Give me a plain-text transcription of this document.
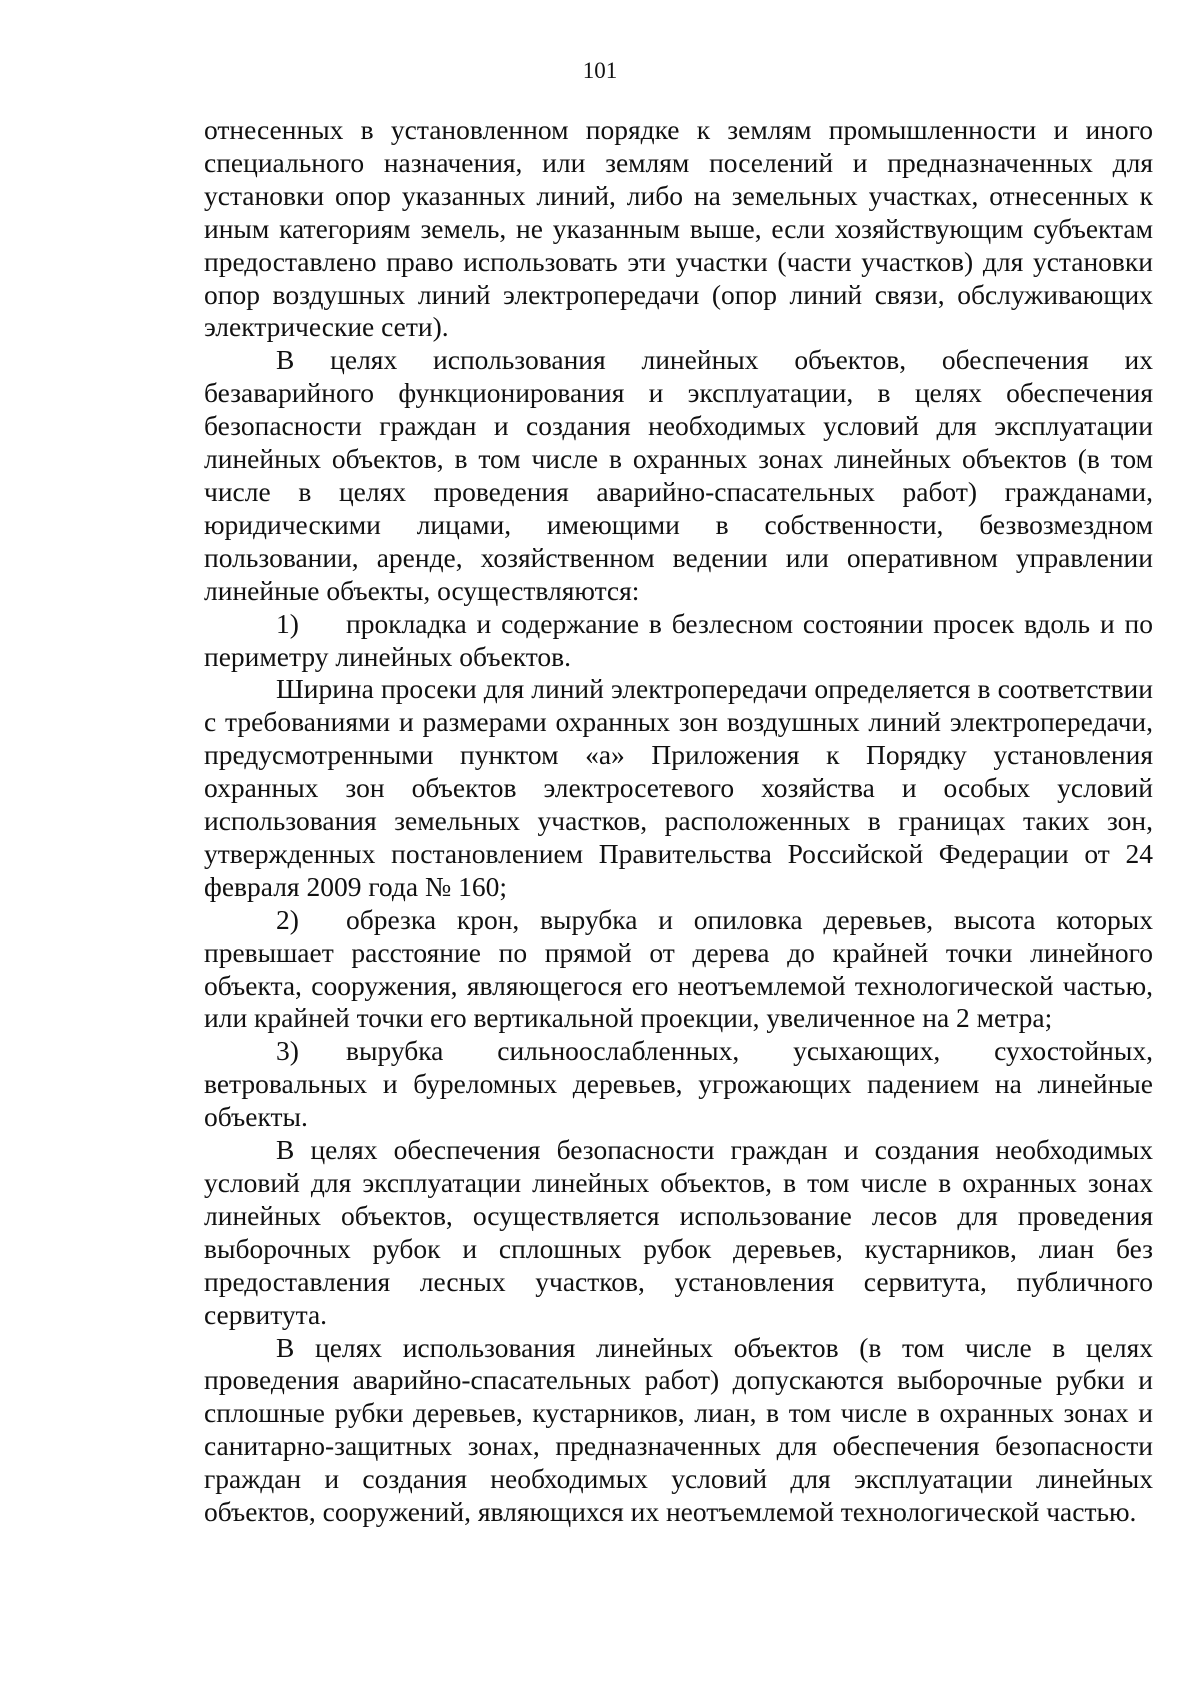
101

отнесенных в установленном порядке к землям промышленности и иного специального назначения, или землям поселений и предназначенных для установки опор указанных линий, либо на земельных участках, отнесенных к иным категориям земель, не указанным выше, если хозяйствующим субъектам предоставлено право использовать эти участки (части участков) для установки опор воздушных линий электропередачи (опор линий связи, обслуживающих электрические сети).

В целях использования линейных объектов, обеспечения их безаварийного функционирования и эксплуатации, в целях обеспечения безопасности граждан и создания необходимых условий для эксплуатации линейных объектов, в том числе в охранных зонах линейных объектов (в том числе в целях проведения аварийно-спасательных работ) гражданами, юридическими лицами, имеющими в собственности, безвозмездном пользовании, аренде, хозяйственном ведении или оперативном управлении линейные объекты, осуществляются:

1) прокладка и содержание в безлесном состоянии просек вдоль и по периметру линейных объектов.

Ширина просеки для линий электропередачи определяется в соответствии с требованиями и размерами охранных зон воздушных линий электропередачи, предусмотренными пунктом «а» Приложения к Порядку установления охранных зон объектов электросетевого хозяйства и особых условий использования земельных участков, расположенных в границах таких зон, утвержденных постановлением Правительства Российской Федерации от 24 февраля 2009 года № 160;

2) обрезка крон, вырубка и опиловка деревьев, высота которых превышает расстояние по прямой от дерева до крайней точки линейного объекта, сооружения, являющегося его неотъемлемой технологической частью, или крайней точки его вертикальной проекции, увеличенное на 2 метра;

3) вырубка сильноослабленных, усыхающих, сухостойных, ветровальных и буреломных деревьев, угрожающих падением на линейные объекты.

В целях обеспечения безопасности граждан и создания необходимых условий для эксплуатации линейных объектов, в том числе в охранных зонах линейных объектов, осуществляется использование лесов для проведения выборочных рубок и сплошных рубок деревьев, кустарников, лиан без предоставления лесных участков, установления сервитута, публичного сервитута.

В целях использования линейных объектов (в том числе в целях проведения аварийно-спасательных работ) допускаются выборочные рубки и сплошные рубки деревьев, кустарников, лиан, в том числе в охранных зонах и санитарно-защитных зонах, предназначенных для обеспечения безопасности граждан и создания необходимых условий для эксплуатации линейных объектов, сооружений, являющихся их неотъемлемой технологической частью.
